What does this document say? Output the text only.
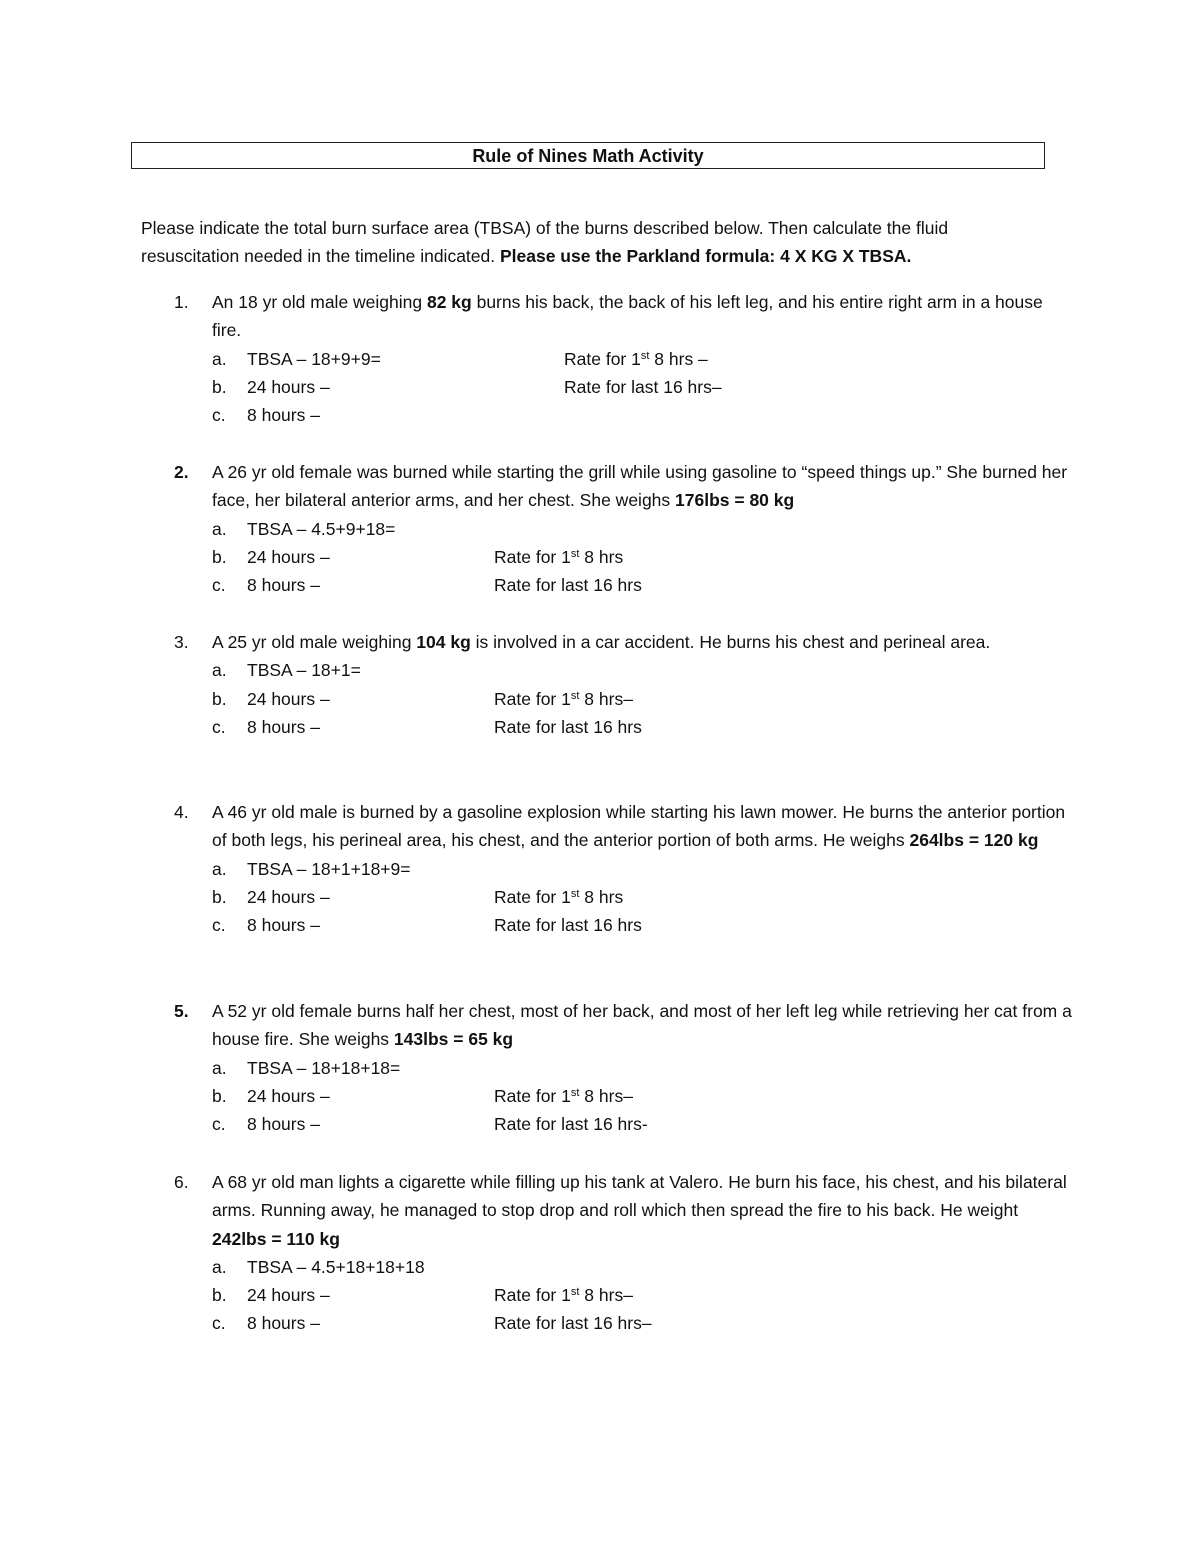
Rule of Nines Math Activity
Please indicate the total burn surface area (TBSA) of the burns described below. Then calculate the fluid
resuscitation needed in the timeline indicated. Please use the Parkland formula: 4 X KG X TBSA.
1.	An 18 yr old male weighing 82 kg burns his back, the back of his left leg, and his entire right arm in a house fire.
a. TBSA – 18+9+9=	Rate for 1st 8 hrs –
b. 24 hours –	Rate for last 16 hrs–
c. 8 hours –
2.	A 26 yr old female was burned while starting the grill while using gasoline to “speed things up.” She burned her face, her bilateral anterior arms, and her chest. She weighs 176lbs = 80 kg
a. TBSA – 4.5+9+18=
b. 24 hours –	Rate for 1st 8 hrs
c. 8 hours –	Rate for last 16 hrs
3.	A 25 yr old male weighing 104 kg is involved in a car accident. He burns his chest and perineal area.
a. TBSA – 18+1=
b. 24 hours –	Rate for 1st 8 hrs–
c. 8 hours –	Rate for last 16 hrs
4.	A 46 yr old male is burned by a gasoline explosion while starting his lawn mower. He burns the anterior portion of both legs, his perineal area, his chest, and the anterior portion of both arms. He weighs 264lbs = 120 kg
a. TBSA – 18+1+18+9=
b. 24 hours –	Rate for 1st 8 hrs
c. 8 hours –	Rate for last 16 hrs
5.	A 52 yr old female burns half her chest, most of her back, and most of her left leg while retrieving her cat from a house fire. She weighs 143lbs = 65 kg
a. TBSA – 18+18+18=
b. 24 hours –	Rate for 1st 8 hrs–
c. 8 hours –	Rate for last 16 hrs-
6.	A 68 yr old man lights a cigarette while filling up his tank at Valero. He burn his face, his chest, and his bilateral arms. Running away, he managed to stop drop and roll which then spread the fire to his back. He weight 242lbs = 110 kg
a. TBSA – 4.5+18+18+18
b. 24 hours –	Rate for 1st 8 hrs–
c. 8 hours –	Rate for last 16 hrs–
